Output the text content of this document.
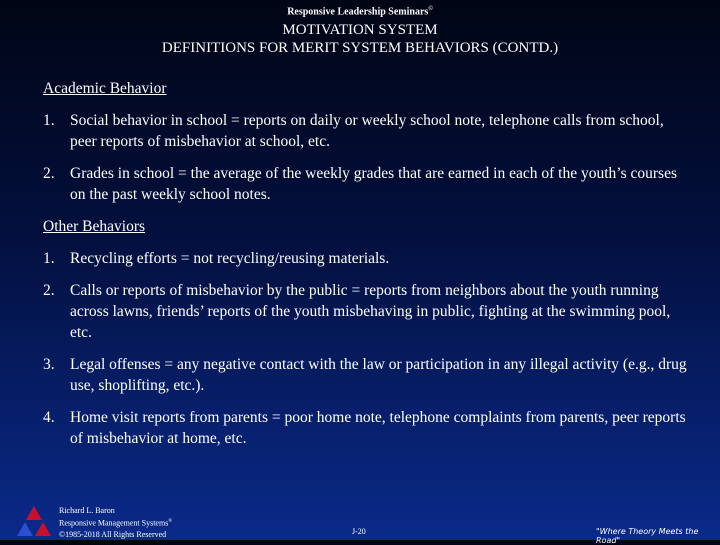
Responsive Leadership Seminars©
MOTIVATION SYSTEM
DEFINITIONS FOR MERIT SYSTEM BEHAVIORS (CONTD.)
Academic Behavior
1. Social behavior in school = reports on daily or weekly school note, telephone calls from school, peer reports of misbehavior at school, etc.
2. Grades in school = the average of the weekly grades that are earned in each of the youth’s courses on the past weekly school notes.
Other Behaviors
1. Recycling efforts = not recycling/reusing materials.
2. Calls or reports of misbehavior by the public = reports from neighbors about the youth running across lawns, friends’ reports of the youth misbehaving in public, fighting at the swimming pool, etc.
3. Legal offenses = any negative contact with the law or participation in any illegal activity (e.g., drug use, shoplifting, etc.).
4. Home visit reports from parents = poor home note, telephone complaints from parents, peer reports of misbehavior at home, etc.
Richard L. Baron
Responsive Management Systems®
©1985-2018 All Rights Reserved	J-20	"Where Theory Meets the Road"
